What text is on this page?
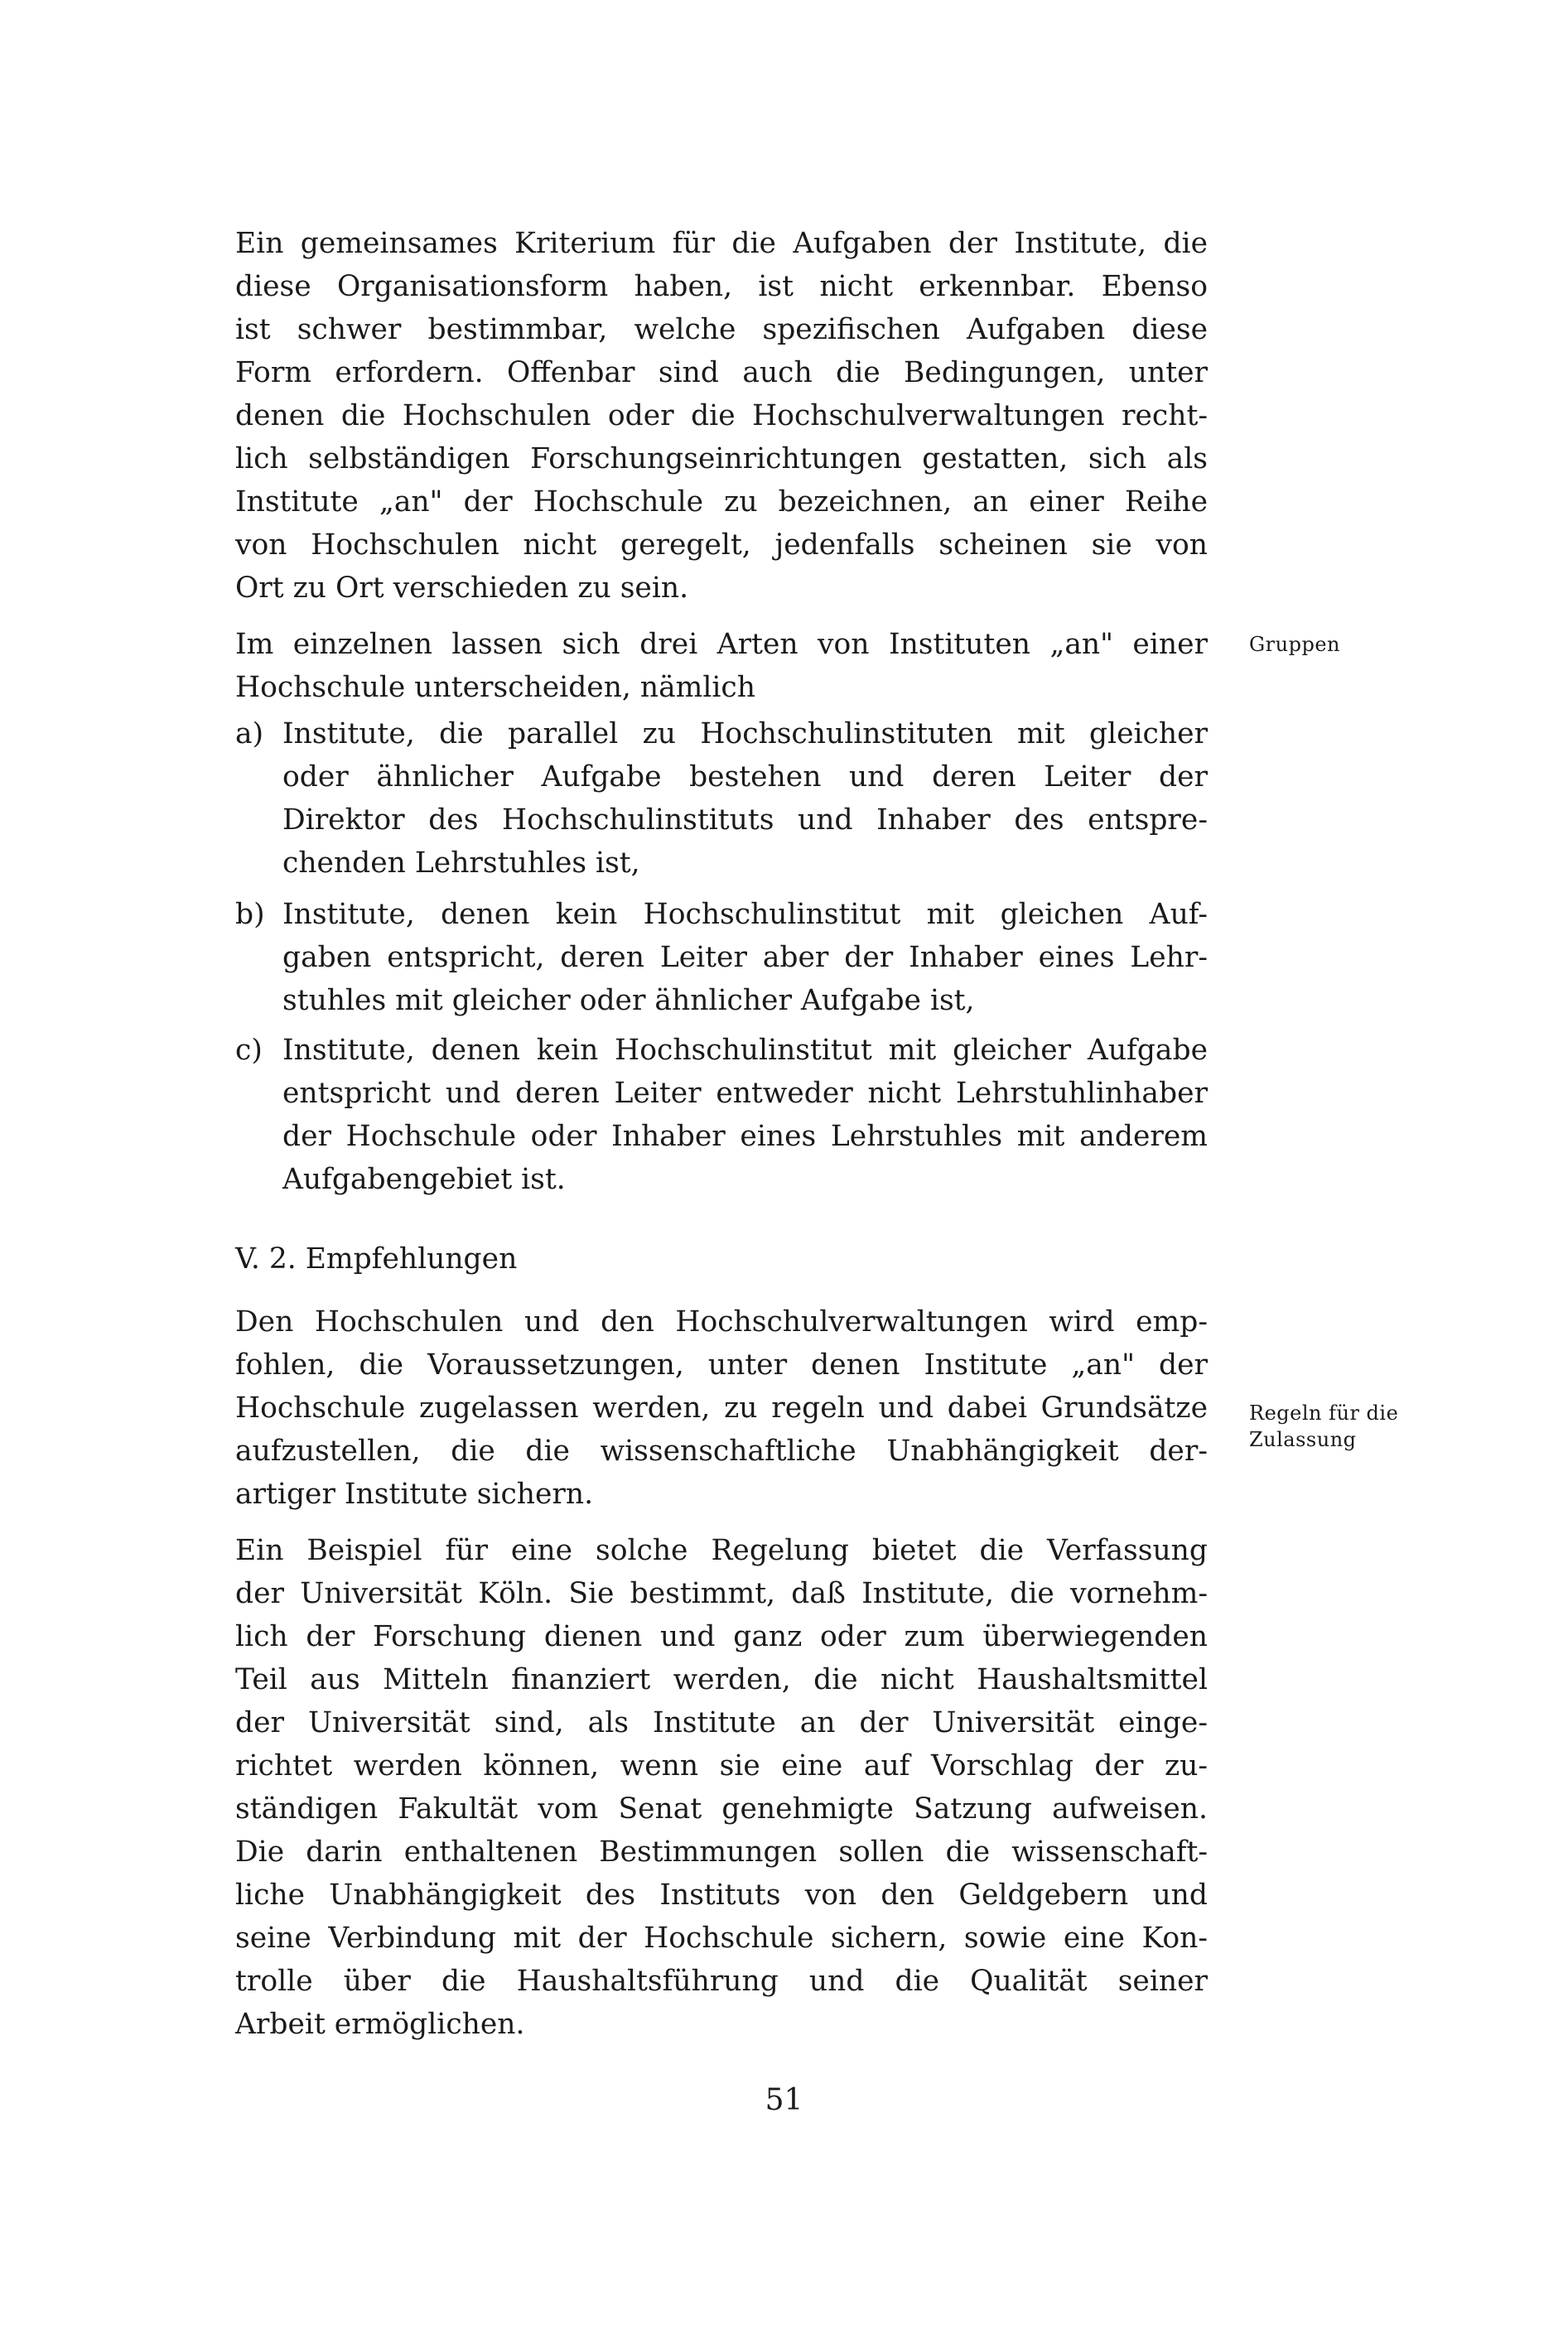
Ein gemeinsames Kriterium für die Aufgaben der Institute, die
diese Organisationsform haben, ist nicht erkennbar. Ebenso
ist schwer bestimmbar, welche spezifischen Aufgaben diese
Form erfordern. Offenbar sind auch die Bedingungen, unter
denen die Hochschulen oder die Hochschulverwaltungen recht-
lich selbständigen Forschungseinrichtungen gestatten, sich als
Institute „an" der Hochschule zu bezeichnen, an einer Reihe
von Hochschulen nicht geregelt, jedenfalls scheinen sie von
Ort zu Ort verschieden zu sein.
Im einzelnen lassen sich drei Arten von Instituten „an" einer
Hochschule unterscheiden, nämlich
Gruppen
a) Institute, die parallel zu Hochschulinstituten mit gleicher
oder ähnlicher Aufgabe bestehen und deren Leiter der
Direktor des Hochschulinstituts und Inhaber des entspre-
chenden Lehrstuhles ist,
b) Institute, denen kein Hochschulinstitut mit gleichen Auf-
gaben entspricht, deren Leiter aber der Inhaber eines Lehr-
stuhles mit gleicher oder ähnlicher Aufgabe ist,
c) Institute, denen kein Hochschulinstitut mit gleicher Aufgabe
entspricht und deren Leiter entweder nicht Lehrstuhlinhaber
der Hochschule oder Inhaber eines Lehrstuhles mit anderem
Aufgabengebiet ist.
V. 2. Empfehlungen
Den Hochschulen und den Hochschulverwaltungen wird emp-
fohlen, die Voraussetzungen, unter denen Institute „an" der
Hochschule zugelassen werden, zu regeln und dabei Grundsätze
aufzustellen, die die wissenschaftliche Unabhängigkeit der-
artiger Institute sichern.
Regeln für die
Zulassung
Ein Beispiel für eine solche Regelung bietet die Verfassung
der Universität Köln. Sie bestimmt, daß Institute, die vornehm-
lich der Forschung dienen und ganz oder zum überwiegenden
Teil aus Mitteln finanziert werden, die nicht Haushaltsmittel
der Universität sind, als Institute an der Universität einge-
richtet werden können, wenn sie eine auf Vorschlag der zu-
ständigen Fakultät vom Senat genehmigte Satzung aufweisen.
Die darin enthaltenen Bestimmungen sollen die wissenschaft-
liche Unabhängigkeit des Instituts von den Geldgebern und
seine Verbindung mit der Hochschule sichern, sowie eine Kon-
trolle über die Haushaltsführung und die Qualität seiner
Arbeit ermöglichen.
51
